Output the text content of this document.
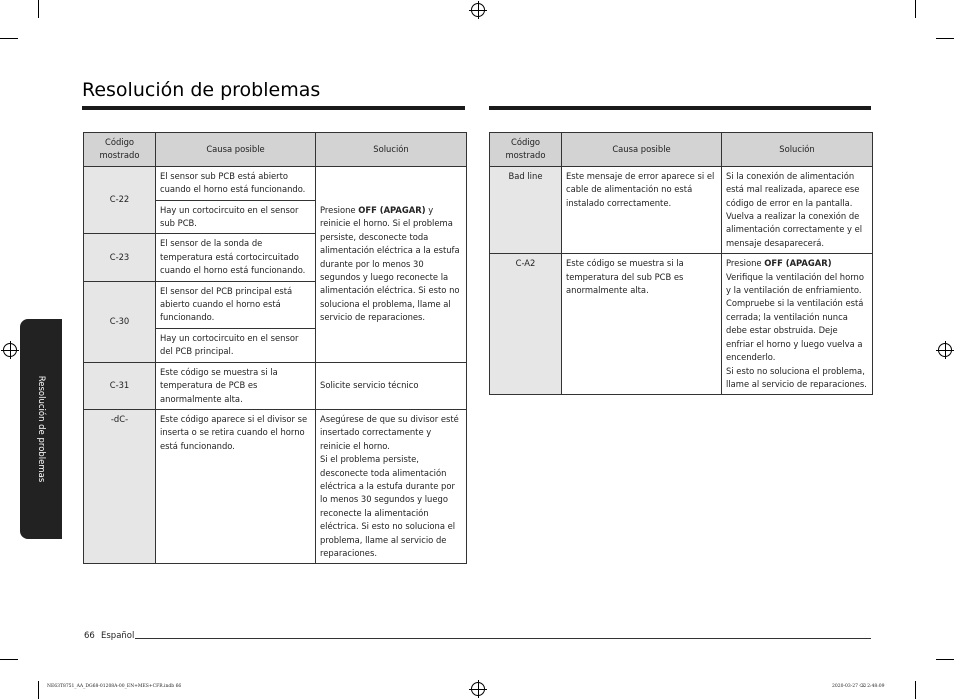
Resolución de problemas
Resolución de problemas
Código mostrado	Causa posible	Solución
C-22	El sensor sub PCB está abierto cuando el horno está funcionando.	Presione OFF (APAGAR) y reinicie el horno. Si el problema persiste, desconecte toda alimentación eléctrica a la estufa durante por lo menos 30 segundos y luego reconecte la alimentación eléctrica. Si esto no soluciona el problema, llame al servicio de reparaciones.
	Hay un cortocircuito en el sensor sub PCB.	
C-23	El sensor de la sonda de temperatura está cortocircuitado cuando el horno está funcionando.	
C-30	El sensor del PCB principal está abierto cuando el horno está funcionando.	
	Hay un cortocircuito en el sensor del PCB principal.	
C-31	Este código se muestra si la temperatura de PCB es anormalmente alta.	Solicite servicio técnico
-dC-	Este código aparece si el divisor se inserta o se retira cuando el horno está funcionando.	Asegúrese de que su divisor esté insertado correctamente y reinicie el horno.
Si el problema persiste, desconecte toda alimentación eléctrica a la estufa durante por lo menos 30 segundos y luego reconecte la alimentación eléctrica. Si esto no soluciona el problema, llame al servicio de reparaciones.
Código mostrado	Causa posible	Solución
Bad line	Este mensaje de error aparece si el cable de alimentación no está instalado correctamente.	Si la conexión de alimentación está mal realizada, aparece ese código de error en la pantalla. Vuelva a realizar la conexión de alimentación correctamente y el mensaje desaparecerá.
C-A2	Este código se muestra si la temperatura del sub PCB es anormalmente alta.	Presione OFF (APAGAR)
Verifique la ventilación del horno y la ventilación de enfriamiento. Compruebe si la ventilación está cerrada; la ventilación nunca debe estar obstruida. Deje enfriar el horno y luego vuelva a encenderlo.
Si esto no soluciona el problema, llame al servicio de reparaciones.
66 Español
NE63T8751_AA_DG68-01208A-00_EN+MES+CFR.indb 66	2020-03-27 ⌫ 2:48:09
